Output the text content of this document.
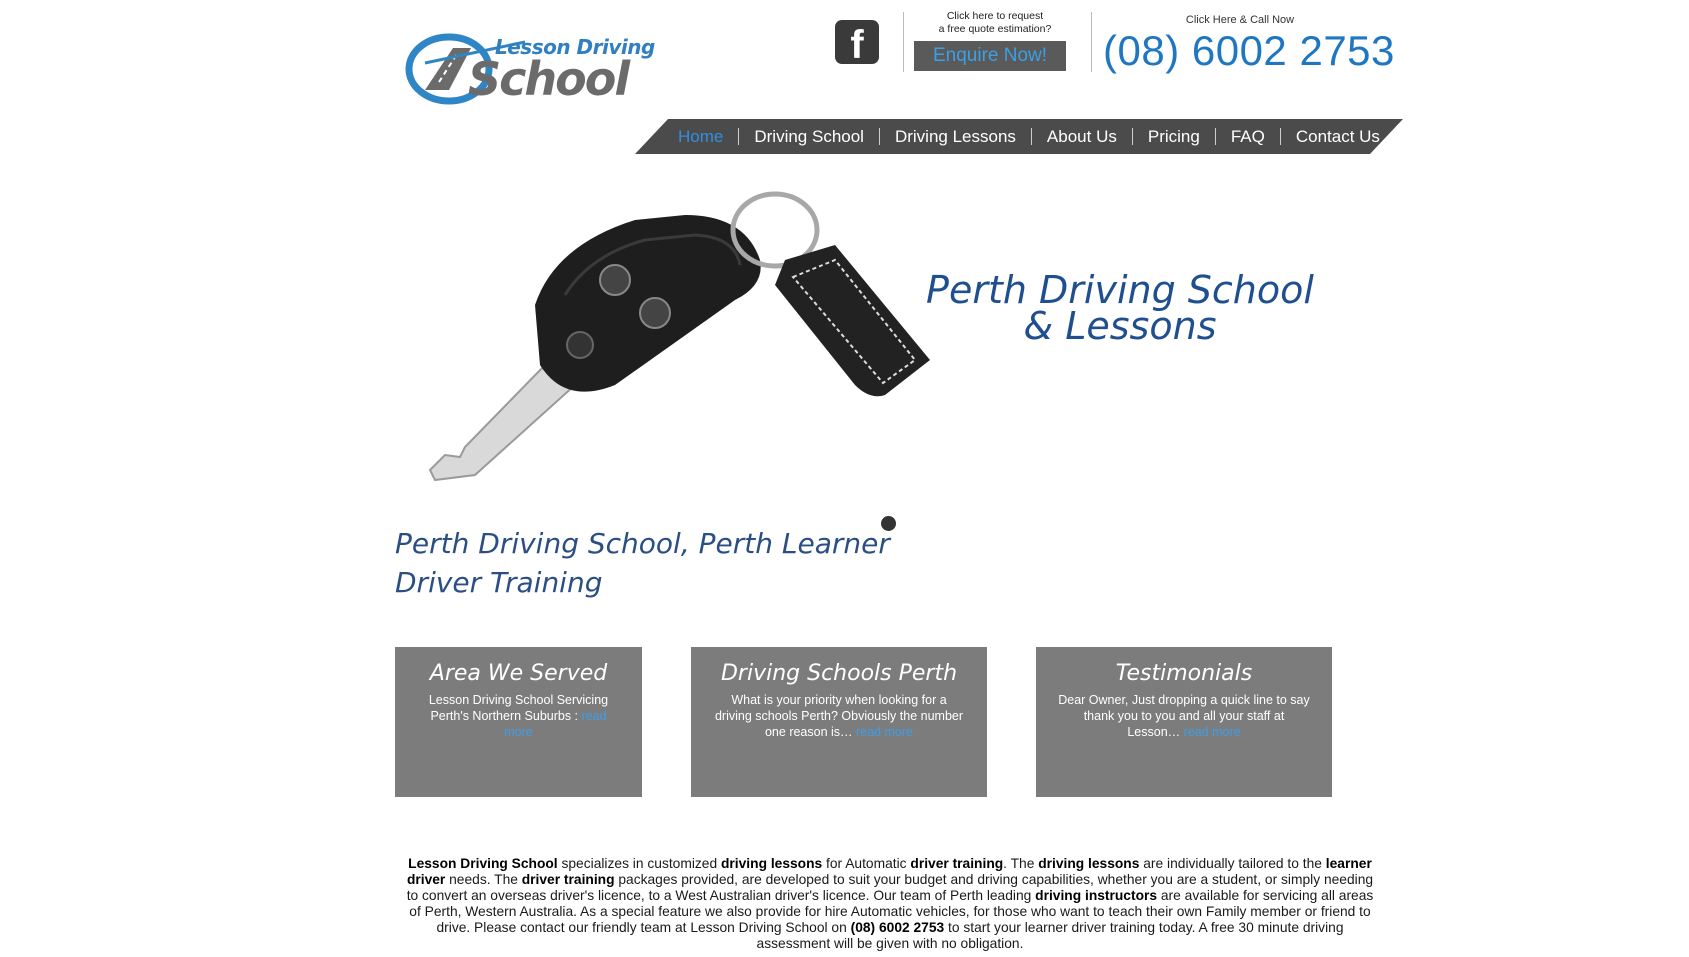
Lesson Driving
School
f
Click here to request
a free quote estimation?
Enquire Now!
Click Here & Call Now
(08) 6002 2753
Home	Driving School	Driving Lessons	About Us	Pricing	FAQ	Contact Us
Perth Driving School
& Lessons
Perth Driving School, Perth Learner
Driver Training
Area We Served

Lesson Driving School Servicing Perth's Northern Suburbs : read more

Driving Schools Perth

What is your priority when looking for a driving schools Perth? Obviously the number one reason is… read more

Testimonials

Dear Owner, Just dropping a quick line to say thank you to you and all your staff at Lesson… read more

Lesson Driving School specializes in customized driving lessons for Automatic driver training. The driving lessons are individually tailored to the learner driver needs. The driver training packages provided, are developed to suit your budget and driving capabilities, whether you are a student, or simply needing to convert an overseas driver's licence, to a West Australian driver's licence. Our team of Perth leading driving instructors are available for servicing all areas of Perth, Western Australia. As a special feature we also provide for hire Automatic vehicles, for those who want to teach their own Family member or friend to drive. Please contact our friendly team at Lesson Driving School on (08) 6002 2753 to start your learner driver training today. A free 30 minute driving assessment will be given with no obligation.
